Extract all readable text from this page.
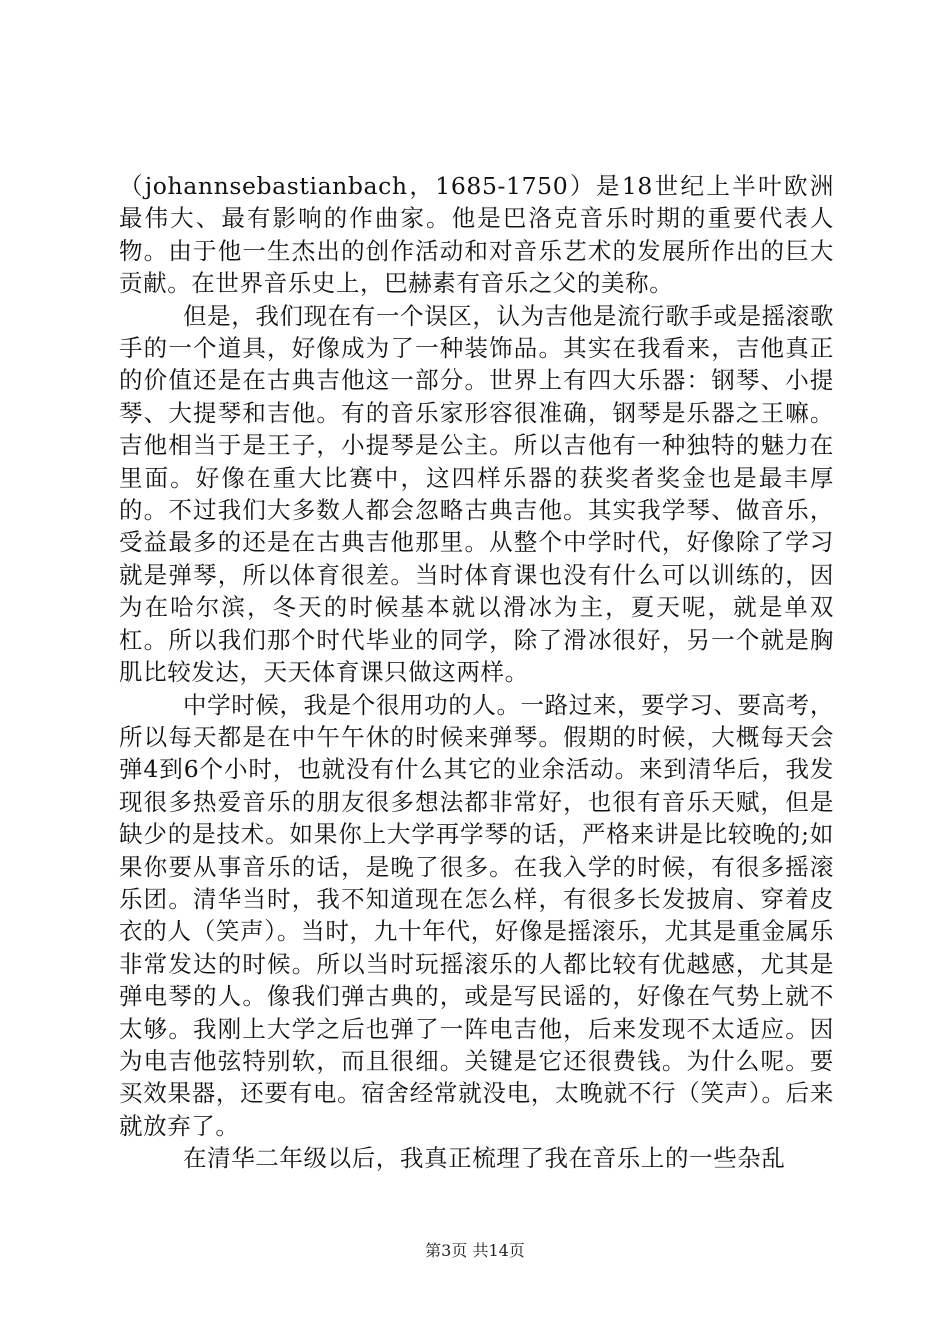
（johannsebastianbach，1685-1750）是18世纪上半叶欧洲最伟大、最有影响的作曲家。他是巴洛克音乐时期的重要代表人物。由于他一生杰出的创作活动和对音乐艺术的发展所作出的巨大贡献。在世界音乐史上，巴赫素有音乐之父的美称。

但是，我们现在有一个误区，认为吉他是流行歌手或是摇滚歌手的一个道具，好像成为了一种装饰品。其实在我看来，吉他真正的价值还是在古典吉他这一部分。世界上有四大乐器：钢琴、小提琴、大提琴和吉他。有的音乐家形容很准确，钢琴是乐器之王嘛。吉他相当于是王子，小提琴是公主。所以吉他有一种独特的魅力在里面。好像在重大比赛中，这四样乐器的获奖者奖金也是最丰厚的。不过我们大多数人都会忽略古典吉他。其实我学琴、做音乐，受益最多的还是在古典吉他那里。从整个中学时代，好像除了学习就是弹琴，所以体育很差。当时体育课也没有什么可以训练的，因为在哈尔滨，冬天的时候基本就以滑冰为主，夏天呢，就是单双杠。所以我们那个时代毕业的同学，除了滑冰很好，另一个就是胸肌比较发达，天天体育课只做这两样。

中学时候，我是个很用功的人。一路过来，要学习、要高考，所以每天都是在中午午休的时候来弹琴。假期的时候，大概每天会弹4到6个小时，也就没有什么其它的业余活动。来到清华后，我发现很多热爱音乐的朋友很多想法都非常好，也很有音乐天赋，但是缺少的是技术。如果你上大学再学琴的话，严格来讲是比较晚的;如果你要从事音乐的话，是晚了很多。在我入学的时候，有很多摇滚乐团。清华当时，我不知道现在怎么样，有很多长发披肩、穿着皮衣的人（笑声）。当时，九十年代，好像是摇滚乐，尤其是重金属乐非常发达的时候。所以当时玩摇滚乐的人都比较有优越感，尤其是弹电琴的人。像我们弹古典的，或是写民谣的，好像在气势上就不太够。我刚上大学之后也弹了一阵电吉他，后来发现不太适应。因为电吉他弦特别软，而且很细。关键是它还很费钱。为什么呢。要买效果器，还要有电。宿舍经常就没电，太晚就不行（笑声）。后来就放弃了。

在清华二年级以后，我真正梳理了我在音乐上的一些杂乱

第3页 共14页
